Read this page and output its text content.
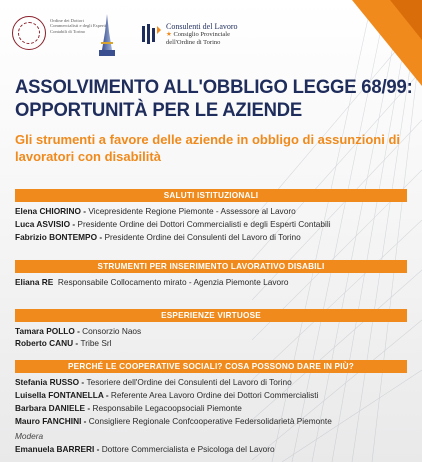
Ordine dei Dottori Commercialisti e degli Esperti Contabili di Torino
Consulenti del Lavoro
★ Consiglio Provinciale
dell'Ordine di Torino
ASSOLVIMENTO ALL'OBBLIGO LEGGE 68/99:
OPPORTUNITÀ PER LE AZIENDE
Gli strumenti a favore delle aziende in obbligo di assunzioni di
lavoratori con disabilità
SALUTI ISTITUZIONALI
Elena CHIORINO - Vicepresidente Regione Piemonte - Assessore al Lavoro
Luca ASVISIO - Presidente Ordine dei Dottori Commercialisti e degli Esperti Contabili
Fabrizio BONTEMPO - Presidente Ordine dei Consulenti del Lavoro di Torino
STRUMENTI PER INSERIMENTO LAVORATIVO DISABILI
Eliana RE Responsabile Collocamento mirato - Agenzia Piemonte Lavoro
ESPERIENZE VIRTUOSE
Tamara POLLO - Consorzio Naos
Roberto CANU - Tribe Srl
PERCHÉ LE COOPERATIVE SOCIALI? COSA POSSONO DARE IN PIÙ?
Stefania RUSSO - Tesoriere dell'Ordine dei Consulenti del Lavoro di Torino
Luisella FONTANELLA - Referente Area Lavoro Ordine dei Dottori Commercialisti
Barbara DANIELE - Responsabile Legacoopsociali Piemonte
Mauro FANCHINI - Consigliere Regionale Confcooperative Federsolidarietà Piemonte
Modera
Emanuela BARRERI - Dottore Commercialista e Psicologa del Lavoro
